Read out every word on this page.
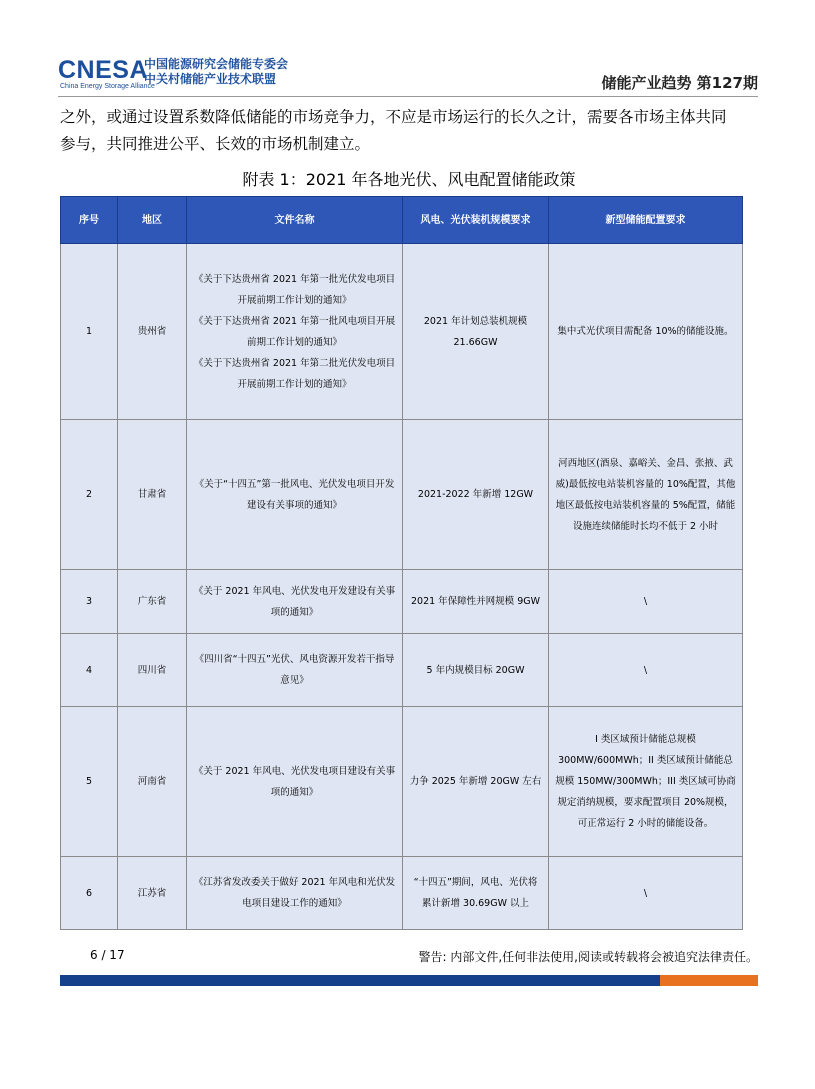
CNESA
China Energy Storage Alliance
中国能源研究会储能专委会
中关村储能产业技术联盟	储能产业趋势 第127期
之外，或通过设置系数降低储能的市场竞争力，不应是市场运行的长久之计，需要各市场主体共同
参与，共同推进公平、长效的市场机制建立。
附表 1：2021 年各地光伏、风电配置储能政策
序号	地区	文件名称	风电、光伏装机规模要求	新型储能配置要求
1	贵州省	《关于下达贵州省 2021 年第一批光伏发电项目开展前期工作计划的通知》
《关于下达贵州省 2021 年第一批风电项目开展前期工作计划的通知》
《关于下达贵州省 2021 年第二批光伏发电项目开展前期工作计划的通知》	2021 年计划总装机规模 21.66GW	集中式光伏项目需配备 10%的储能设施。
2	甘肃省	《关于“十四五”第一批风电、光伏发电项目开发建设有关事项的通知》	2021-2022 年新增 12GW	河西地区(酒泉、嘉峪关、金昌、张掖、武威)最低按电站装机容量的 10%配置，其他地区最低按电站装机容量的 5%配置，储能设施连续储能时长均不低于 2 小时
3	广东省	《关于 2021 年风电、光伏发电开发建设有关事项的通知》	2021 年保障性并网规模 9GW	\
4	四川省	《四川省“十四五”光伏、风电资源开发若干指导意见》	5 年内规模目标 20GW	\
5	河南省	《关于 2021 年风电、光伏发电项目建设有关事项的通知》	力争 2025 年新增 20GW 左右	I 类区域预计储能总规模 300MW/600MWh；II 类区域预计储能总规模 150MW/300MWh；III 类区域可协商规定消纳规模，要求配置项目 20%规模，可正常运行 2 小时的储能设备。
6	江苏省	《江苏省发改委关于做好 2021 年风电和光伏发电项目建设工作的通知》	“十四五”期间，风电、光伏将累计新增 30.69GW 以上	\
6 / 17	警告: 内部文件,任何非法使用,阅读或转载将会被追究法律责任。
